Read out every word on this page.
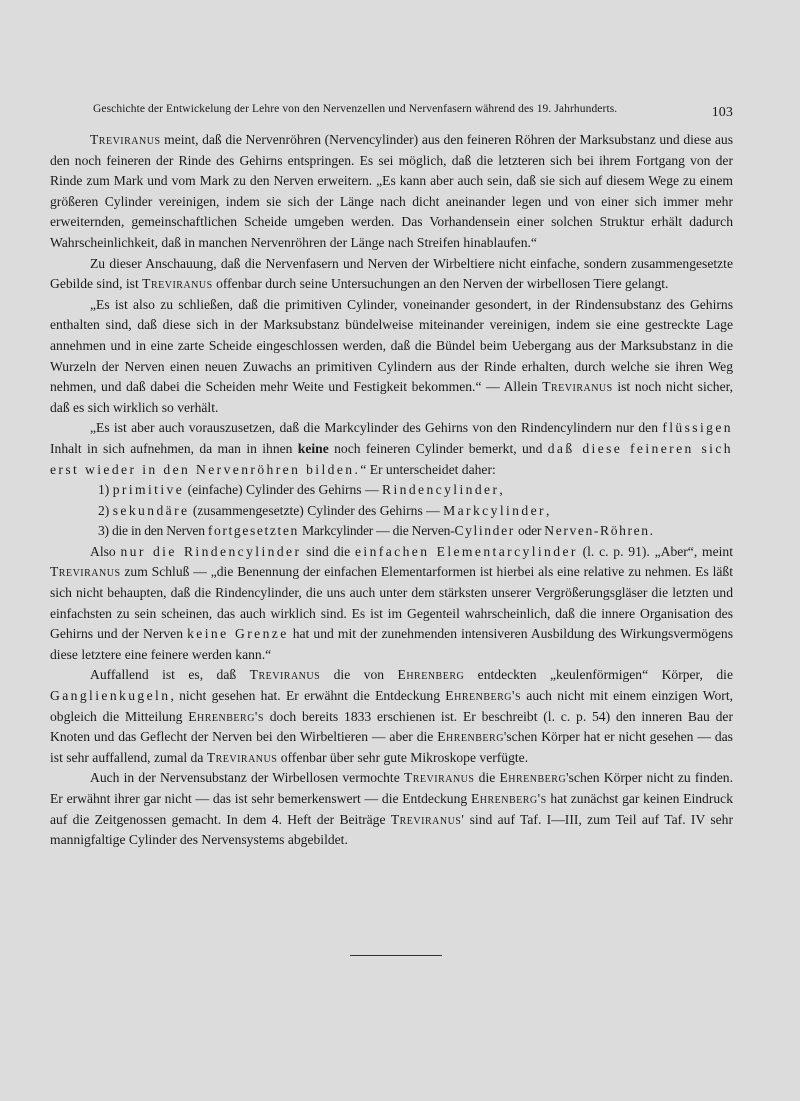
Geschichte der Entwickelung der Lehre von den Nervenzellen und Nervenfasern während des 19. Jahrhunderts.	103

Treviranus meint, daß die Nervenröhren (Nervencylinder) aus den feineren Röhren der Marksubstanz und diese aus den noch feineren der Rinde des Gehirns entspringen. Es sei möglich, daß die letzteren sich bei ihrem Fortgang von der Rinde zum Mark und vom Mark zu den Nerven erweitern. „Es kann aber auch sein, daß sie sich auf diesem Wege zu einem größeren Cylinder vereinigen, indem sie sich der Länge nach dicht aneinander legen und von einer sich immer mehr erweiternden, gemeinschaftlichen Scheide umgeben werden. Das Vorhandensein einer solchen Struktur erhält dadurch Wahrscheinlichkeit, daß in manchen Nervenröhren der Länge nach Streifen hinablaufen.“

Zu dieser Anschauung, daß die Nervenfasern und Nerven der Wirbeltiere nicht einfache, sondern zusammengesetzte Gebilde sind, ist Treviranus offenbar durch seine Untersuchungen an den Nerven der wirbellosen Tiere gelangt.

„Es ist also zu schließen, daß die primitiven Cylinder, voneinander gesondert, in der Rindensubstanz des Gehirns enthalten sind, daß diese sich in der Marksubstanz bündelweise miteinander vereinigen, indem sie eine gestreckte Lage annehmen und in eine zarte Scheide eingeschlossen werden, daß die Bündel beim Uebergang aus der Marksubstanz in die Wurzeln der Nerven einen neuen Zuwachs an primitiven Cylindern aus der Rinde erhalten, durch welche sie ihren Weg nehmen, und daß dabei die Scheiden mehr Weite und Festigkeit bekommen.“ — Allein Treviranus ist noch nicht sicher, daß es sich wirklich so verhält.

„Es ist aber auch vorauszusetzen, daß die Markcylinder des Gehirns von den Rindencylindern nur den flüssigen Inhalt in sich aufnehmen, da man in ihnen keine noch feineren Cylinder bemerkt, und daß diese feineren sich erst wieder in den Nervenröhren bilden.“ Er unterscheidet daher:

1) primitive (einfache) Cylinder des Gehirns — Rindencylinder,
2) sekundäre (zusammengesetzte) Cylinder des Gehirns — Markcylinder,
3) die in den Nerven fortgesetzten Markcylinder — die Nerven-Cylinder oder Nerven-Röhren.

Also nur die Rindencylinder sind die einfachen Elementarcylinder (l. c. p. 91). „Aber“, meint Treviranus zum Schluß — „die Benennung der einfachen Elementarformen ist hierbei als eine relative zu nehmen. Es läßt sich nicht behaupten, daß die Rindencylinder, die uns auch unter dem stärksten unserer Vergrößerungsgläser die letzten und einfachsten zu sein scheinen, das auch wirklich sind. Es ist im Gegenteil wahrscheinlich, daß die innere Organisation des Gehirns und der Nerven keine Grenze hat und mit der zunehmenden intensiveren Ausbildung des Wirkungsvermögens diese letztere eine feinere werden kann.“

Auffallend ist es, daß Treviranus die von Ehrenberg entdeckten „keulenförmigen“ Körper, die Ganglienkugeln, nicht gesehen hat. Er erwähnt die Entdeckung Ehrenberg's auch nicht mit einem einzigen Wort, obgleich die Mitteilung Ehrenberg's doch bereits 1833 erschienen ist. Er beschreibt (l. c. p. 54) den inneren Bau der Knoten und das Geflecht der Nerven bei den Wirbeltieren — aber die Ehrenberg'schen Körper hat er nicht gesehen — das ist sehr auffallend, zumal da Treviranus offenbar über sehr gute Mikroskope verfügte.

Auch in der Nervensubstanz der Wirbellosen vermochte Treviranus die Ehrenberg'schen Körper nicht zu finden. Er erwähnt ihrer gar nicht — das ist sehr bemerkenswert — die Entdeckung Ehrenberg's hat zunächst gar keinen Eindruck auf die Zeitgenossen gemacht. In dem 4. Heft der Beiträge Treviranus' sind auf Taf. I—III, zum Teil auf Taf. IV sehr mannigfaltige Cylinder des Nervensystems abgebildet.
